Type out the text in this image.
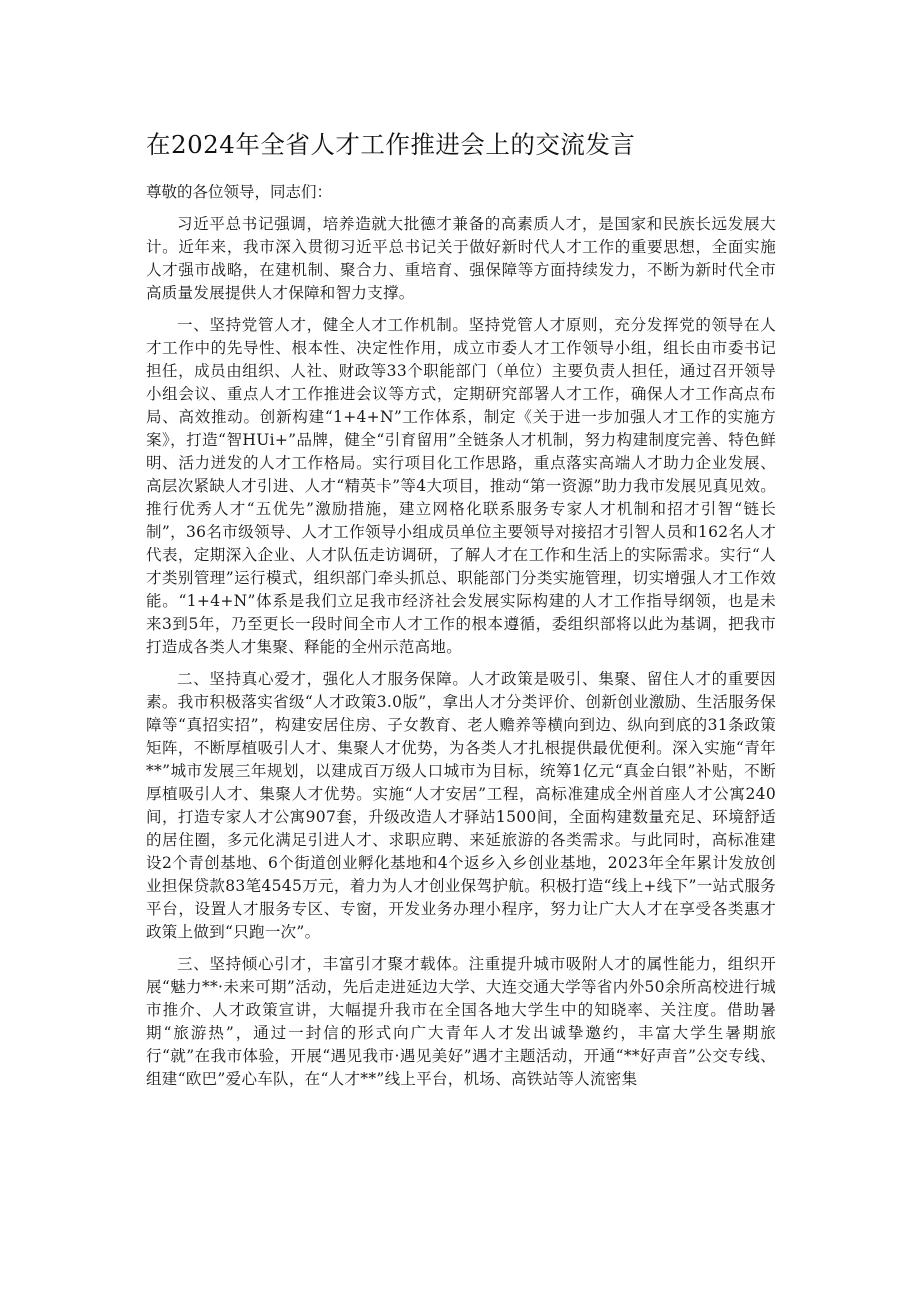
在2024年全省人才工作推进会上的交流发言

尊敬的各位领导，同志们：

习近平总书记强调，培养造就大批德才兼备的高素质人才，是国家和民族长远发展大计。近年来，我市深入贯彻习近平总书记关于做好新时代人才工作的重要思想，全面实施人才强市战略，在建机制、聚合力、重培育、强保障等方面持续发力，不断为新时代全市高质量发展提供人才保障和智力支撑。

一、坚持党管人才，健全人才工作机制。坚持党管人才原则，充分发挥党的领导在人才工作中的先导性、根本性、决定性作用，成立市委人才工作领导小组，组长由市委书记担任，成员由组织、人社、财政等33个职能部门（单位）主要负责人担任，通过召开领导小组会议、重点人才工作推进会议等方式，定期研究部署人才工作，确保人才工作高点布局、高效推动。创新构建“1+4+N”工作体系，制定《关于进一步加强人才工作的实施方案》，打造“智HUi+”品牌，健全“引育留用”全链条人才机制，努力构建制度完善、特色鲜明、活力迸发的人才工作格局。实行项目化工作思路，重点落实高端人才助力企业发展、高层次紧缺人才引进、人才“精英卡”等4大项目，推动“第一资源”助力我市发展见真见效。推行优秀人才“五优先”激励措施，建立网格化联系服务专家人才机制和招才引智“链长制”，36名市级领导、人才工作领导小组成员单位主要领导对接招才引智人员和162名人才代表，定期深入企业、人才队伍走访调研，了解人才在工作和生活上的实际需求。实行“人才类别管理”运行模式，组织部门牵头抓总、职能部门分类实施管理，切实增强人才工作效能。“1+4+N”体系是我们立足我市经济社会发展实际构建的人才工作指导纲领，也是未来3到5年，乃至更长一段时间全市人才工作的根本遵循，委组织部将以此为基调，把我市打造成各类人才集聚、释能的全州示范高地。

二、坚持真心爱才，强化人才服务保障。人才政策是吸引、集聚、留住人才的重要因素。我市积极落实省级“人才政策3.0版”，拿出人才分类评价、创新创业激励、生活服务保障等“真招实招”，构建安居住房、子女教育、老人赡养等横向到边、纵向到底的31条政策矩阵，不断厚植吸引人才、集聚人才优势，为各类人才扎根提供最优便利。深入实施“青年**”城市发展三年规划，以建成百万级人口城市为目标，统筹1亿元“真金白银”补贴，不断厚植吸引人才、集聚人才优势。实施“人才安居”工程，高标准建成全州首座人才公寓240间，打造专家人才公寓907套，升级改造人才驿站1500间，全面构建数量充足、环境舒适的居住圈，多元化满足引进人才、求职应聘、来延旅游的各类需求。与此同时，高标准建设2个青创基地、6个街道创业孵化基地和4个返乡入乡创业基地，2023年全年累计发放创业担保贷款83笔4545万元，着力为人才创业保驾护航。积极打造“线上+线下”一站式服务平台，设置人才服务专区、专窗，开发业务办理小程序，努力让广大人才在享受各类惠才政策上做到“只跑一次”。

三、坚持倾心引才，丰富引才聚才载体。注重提升城市吸附人才的属性能力，组织开展“魅力**·未来可期”活动，先后走进延边大学、大连交通大学等省内外50余所高校进行城市推介、人才政策宣讲，大幅提升我市在全国各地大学生中的知晓率、关注度。借助暑期“旅游热”，通过一封信的形式向广大青年人才发出诚挚邀约，丰富大学生暑期旅行“就”在我市体验，开展“遇见我市·遇见美好”遇才主题活动，开通“**好声音”公交专线、组建“欧巴”爱心车队，在“人才**”线上平台，机场、高铁站等人流密集
